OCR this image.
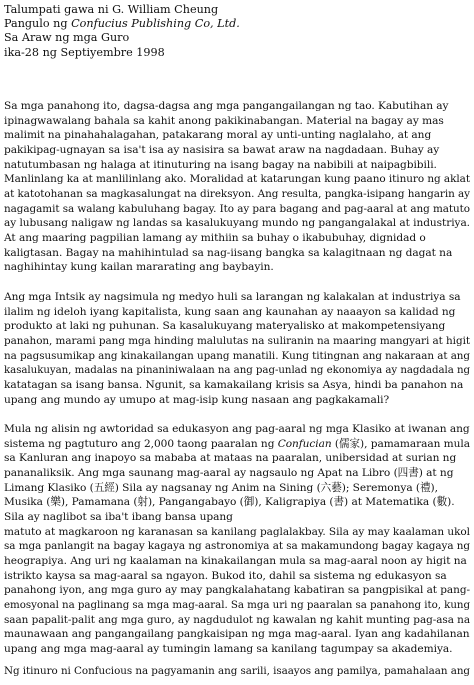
Talumpati gawa ni G. William Cheung
Pangulo ng Confucius Publishing Co, Ltd.
Sa Araw ng mga Guro
ika-28 ng Septiyembre 1998
Sa mga panahong ito, dagsa-dagsa ang mga pangangailangan ng tao. Kabutihan ay
ipinagwawalang bahala sa kahit anong pakikinabangan. Material na bagay ay mas
malimit na pinahahalagahan, patakarang moral ay unti-unting naglalaho, at ang
pakikipag-ugnayan sa isa't isa ay nasisira sa bawat araw na nagdadaan. Buhay ay
natutumbasan ng halaga at itinuturing na isang bagay na nabibili at naipagbibili.
Manlinlang ka at manlilinlang ako. Moralidad at katarungan kung paano itinuro ng aklat
at katotohanan sa magkasalungat na direksyon. Ang resulta, pangka-isipang hangarin ay
nagagamit sa walang kabuluhang bagay. Ito ay para bagang and pag-aaral at ang matuto
ay lubusang naligaw ng landas sa kasalukuyang mundo ng pangangalakal at industriya.
At ang maaring pagpilian lamang ay mithiin sa buhay o ikabubuhay, dignidad o
kaligtasan. Bagay na mahihintulad sa nag-iisang bangka sa kalagitnaan ng dagat na
naghihintay kung kailan mararating ang baybayin.
Ang mga Intsik ay nagsimula ng medyo huli sa larangan ng kalakalan at industriya sa
ilalim ng ideloh iyang kapitalista, kung saan ang kaunahan ay naaayon sa kalidad ng
produkto at laki ng puhunan. Sa kasalukuyang materyalisko at makompetensiyang
panahon, marami pang mga hinding malulutas na suliranin na maaring mangyari at higit
na pagsusumikap ang kinakailangan upang manatili. Kung titingnan ang nakaraan at ang
kasalukuyan, madalas na pinaniniwalaan na ang pag-unlad ng ekonomiya ay nagdadala ng
katatagan sa isang bansa. Ngunit, sa kamakailang krisis sa Asya, hindi ba panahon na
upang ang mundo ay umupo at mag-isip kung nasaan ang pagkakamali?
Mula ng alisin ng awtoridad sa edukasyon ang pag-aaral ng mga Klasiko at iwanan ang
sistema ng pagtuturo ang 2,000 taong paaralan ng Confucian (儒家), pamamaraan mula
sa Kanluran ang inapoyo sa mababa at mataas na paaralan, unibersidad at surian ng
pananaliksik. Ang mga saunang mag-aaral ay nagsaulo ng Apat na Libro (四書) at ng
Limang Klasiko (五經) Sila ay nagsanay ng Anim na Sining (六藝); Seremonya (禮),
Musika (樂), Pamamana (射), Pangangabayo (御), Kaligrapiya (書) at Matematika (數).
Sila ay naglibot sa iba't ibang bansa upang
matuto at magkaroon ng karanasan sa kanilang paglalakbay. Sila ay may kaalaman ukol
sa mga panlangit na bagay kagaya ng astronomiya at sa makamundong bagay kagaya ng
heograpiya. Ang uri ng kaalaman na kinakailangan mula sa mag-aaral noon ay higit na
istrikto kaysa sa mag-aaral sa ngayon. Bukod ito, dahil sa sistema ng edukasyon sa
panahong iyon, ang mga guro ay may pangkalahatang kabatiran sa pangpisikal at pang-
emosyonal na paglinang sa mga mag-aaral. Sa mga uri ng paaralan sa panahong ito, kung
saan papalit-palit ang mga guro, ay nagdudulot ng kawalan ng kahit munting pag-asa na
maunawaan ang pangangailang pangkaisipan ng mga mag-aaral. Iyan ang kadahilanan
upang ang mga mag-aaral ay tumingin lamang sa kanilang tagumpay sa akademiya.
Ng itinuro ni Confucious na pagyamanin ang sarili, isaayos ang pamilya, pamahalaan ang
